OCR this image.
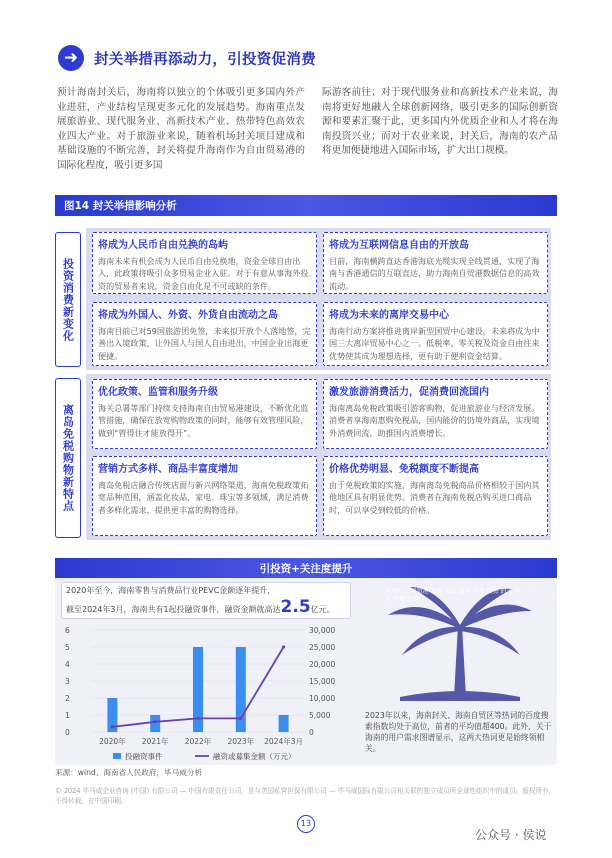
➜	封关举措再添动力，引投资促消费
预计海南封关后，海南将以独立的个体吸引更多国内外产业进驻，产业结构呈现更多元化的发展趋势。海南重点发展旅游业、现代服务业、高新技术产业、热带特色高效农业四大产业。对于旅游业来说，随着机场封关项目建成和基础设施的不断完善，封关将提升海南作为自由贸易港的国际化程度，吸引更多国
际游客前往；对于现代服务业和高新技术产业来说，海南将更好地融入全球创新网络，吸引更多的国际创新资源和要素汇聚于此，更多国内外优质企业和人才将在海南投资兴业；而对于农业来说，封关后，海南的农产品将更加便捷地进入国际市场，扩大出口规模。
图14 封关举措影响分析
投资消费新变化
将成为人民币自由兑换的岛屿
海南未来有机会成为人民币自由兑换地，资金全球自由出入，此政策将吸引众多贸易企业入驻。对于有意从事海外投资的贸易者来说，资金自由化是不可或缺的条件。
将成为互联网信息自由的开放岛
目前，海南横跨直达香港海底光缆实现全线贯通，实现了海南与香港通信的互联直达，助力海南自贸港数据信息的高效流动。
将成为外国人、外资、外货自由流动之岛
海南目前已对59国旅游团免签，未来拟开放个人落地签，完善出入境政策，让外国人与国人自由进出，中国企业出海更便捷。
将成为未来的离岸交易中心
海南行动方案将推进离岸新型国贸中心建设，未来将成为中国三大离岸贸易中心之一。低税率、零关税及资金自由往来优势使其成为理想选择，更有助于便利资金结算。
离岛免税购物新特点
优化政策、监管和服务升级
海关总署等部门持续支持海南自由贸易港建设，不断优化监管措施，确保在放宽购物政策的同时，能够有效管理风险，做到“管得住才能放得开”。
激发旅游消费活力，促消费回流国内
海南离岛免税政策吸引游客购物，促进旅游业与经济发展。消费者享海南惠购免税品，国内能价的仍境外商品，实现境外消费回流，助推国内消费增长。
营销方式多样、商品丰富度增加
离岛免税店融合传统店面与新兴网络渠道，海南免税政策拓宽品种范围，涵盖化妆品、家电、珠宝等多领域，满足消费者多样化需求，提供更丰富的购物选择。
价格优势明显、免税额度不断提高
由于免税政策的实施，海南离岛免税商品价格相较于国内其他地区具有明显优势。消费者在海南免税店购买进口商品时，可以享受到较低的价格。
引投资+关注度提升
2020年至今，海南零售与消费品行业PEVC金额逐年提升，
截至2024年3月，海南共有1起投融资事件，融资金额就高达2.5亿元。
0
1
2
3
4
5
6
0
5,000
10,000
15,000
20,000
25,000
30,000
2020年 2021年 2022年 2023年 2024年3月
投融资事件	融资或募集金额（万元）
海南封关 自贸港 免税 离岛 旅游 消费 投资 封关 海口 三亚 政策 贸易
2023年以来，海南封关、海南自贸区等热词的百度搜索指数均处于高位，前者的平均值超400。此外，关于海南的用户需求图谱显示，这两大热词更是始终领相关。
来源：wind、海南省人民政府，毕马威分析
© 2024 毕马威企业咨询 (中国) 有限公司 — 中国有限责任公司，是与英国私营担保有限公司 — 毕马威国际有限公司相关联的独立成员所全球性组织中的成员。版权所有，不得转载。在中国印刷。
13
公众号 · 侯说
